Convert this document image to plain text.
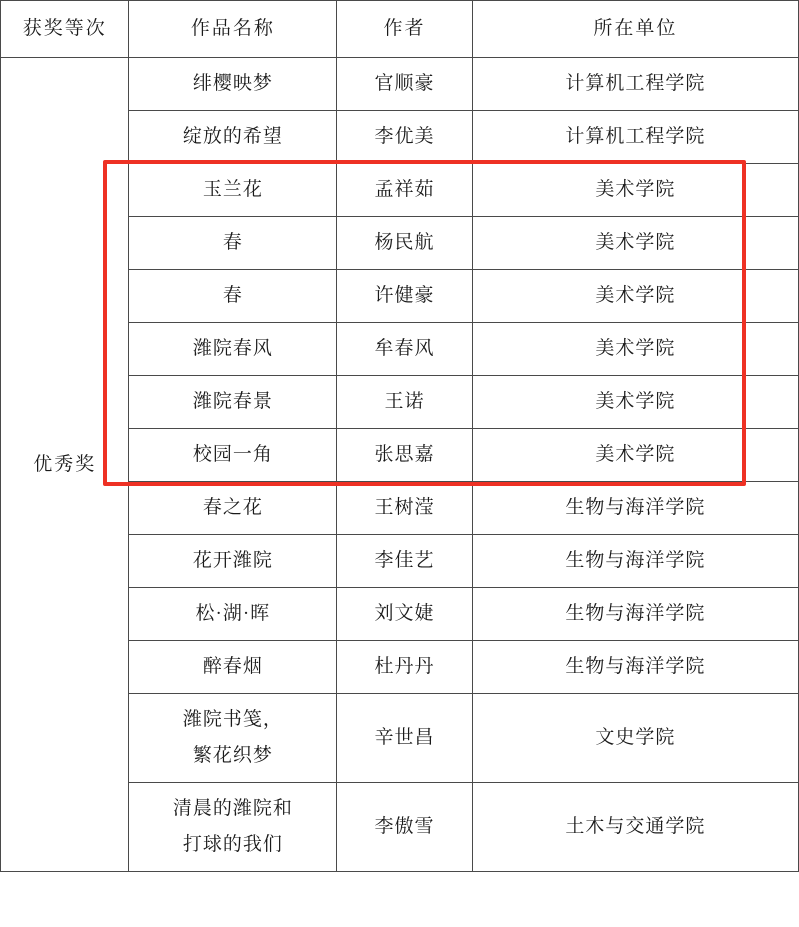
获奖等次	作品名称	作者	所在单位
优秀奖	绯樱映梦	官顺豪	计算机工程学院

	绽放的希望	李优美	计算机工程学院

	玉兰花	孟祥茹	美术学院

	春	杨民航	美术学院

	春	许健豪	美术学院

	潍院春风	牟春风	美术学院

	潍院春景	王诺	美术学院

	校园一角	张思嘉	美术学院

	春之花	王树滢	生物与海洋学院

	花开潍院	李佳艺	生物与海洋学院

	松·湖·晖	刘文婕	生物与海洋学院

	醉春烟	杜丹丹	生物与海洋学院

	潍院书笺，
繁花织梦	辛世昌	文史学院

	清晨的潍院和
打球的我们	李傲雪	土木与交通学院
